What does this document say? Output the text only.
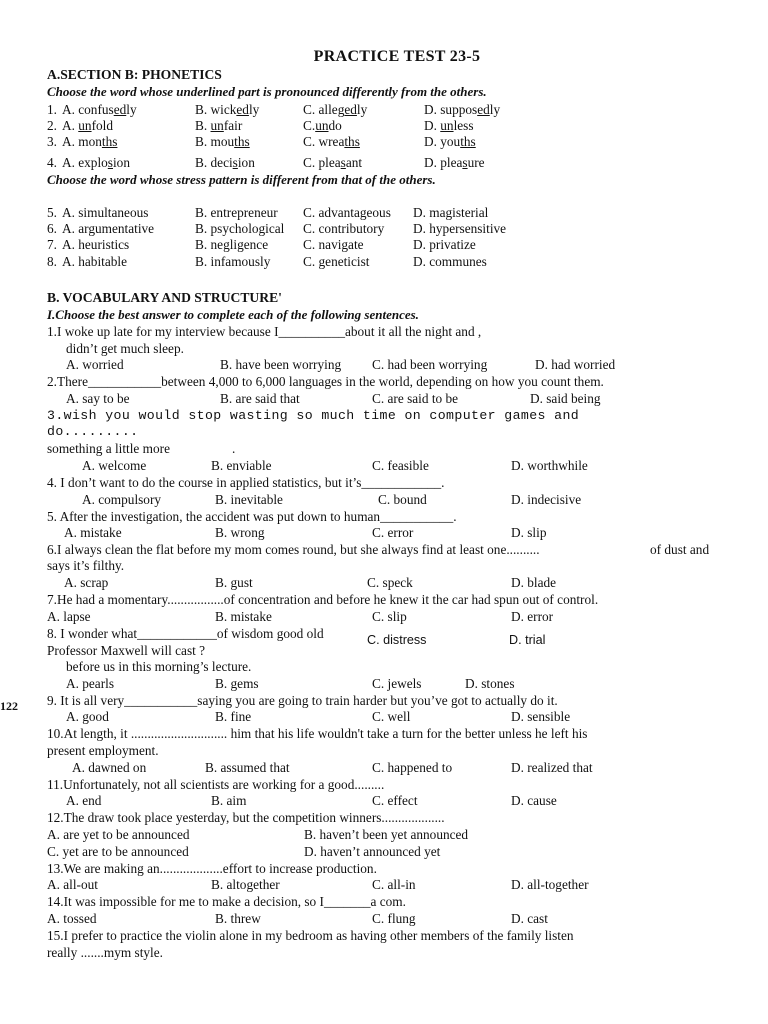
PRACTICE TEST 23-5
A.SECTION B: PHONETICS
Choose the word whose underlined part is pronounced differently from the others.
1. A. confusedly	B. wickedly	C. allegedly	D. supposedly
2. A. unfold	B. unfair	C.undo	D. unless
3. A. months	B. mouths	C. wreaths	D. youths
4. A. explosion	B. decision	C. pleasant	D. pleasure
Choose the word whose stress pattern is different from that of the others.
5. A. simultaneous	B. entrepreneur C. advantageous D. magisterial
6. A. argumentative	B. psychological C. contributory D. hypersensitive
7. A. heuristics	B. negligence	C. navigate	D. privatize
8. A. habitable	B. infamously C. geneticist	D. communes
B. VOCABULARY AND STRUCTURE'
I.Choose the best answer to complete each of the following sentences.
1.I woke up late for my interview because I__________about it all the night and ,
didn’t get much sleep.
A. worried	B. have been worrying C. had been worrying	D. had worried
2.There___________between 4,000 to 6,000 languages in the world, depending on how you count them.
A. say to be	B. are said that	C. are said to be	D. said being
3.wish you would stop wasting so much time on computer games and
do.........
something a little more	.
A. welcome	B. enviable	C. feasible	D. worthwhile
4. I don’t want to do the course in applied statistics, but it’s____________.
A. compulsory	B. inevitable	C. bound	D. indecisive
5. After the investigation, the accident was put down to human___________.
A. mistake	B. wrong	C. error	D. slip
6.I always clean the flat before my mom comes round, but she always find at least one..........	of dust and
says it’s filthy.
A. scrap	B. gust	C. speck	D. blade
7.He had a momentary.................of concentration and before he knew it the car had spun out of control.
A. lapse	B. mistake	C. slip	D. error
8. I wonder what____________of wisdom good old	C. distress	D. trial
Professor Maxwell will cast ?
before us in this morning’s lecture.
A. pearls	B. gems	C. jewels	D. stones
122 9. It is all very___________saying you are going to train harder but you’ve got to actually do it.
A. good	B. fine	C. well	D. sensible
10.At length, it ............................. him that his life wouldn't take a turn for the better unless he left his
present employment.
A. dawned on	B. assumed that	C. happened to	D. realized that
11.Unfortunately, not all scientists are working for a good.........
A. end	B. aim	C. effect	D. cause
12.The draw took place yesterday, but the competition winners...................
A. are yet to be announced	B. haven’t been yet announced
C. yet are to be announced	D. haven’t announced yet
13.We are making an...................effort to increase production.
A. all-out	B. altogether	C. all-in	D. all-together
14.It was impossible for me to make a decision, so I_______a com.
A. tossed	B. threw	C. flung	D. cast
15.I prefer to practice the violin alone in my bedroom as having other members of the family listen
really .......mym style.
